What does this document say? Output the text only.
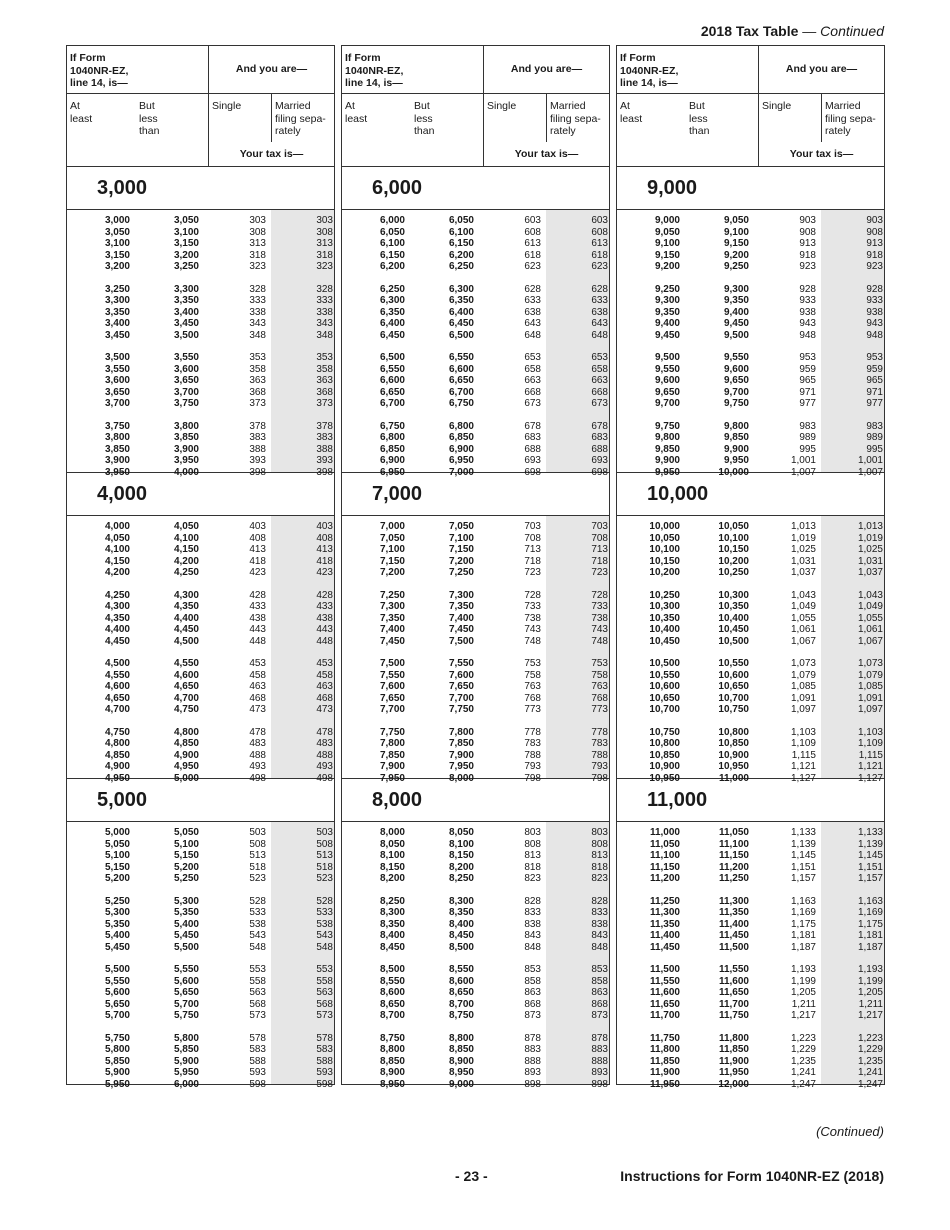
2018 Tax Table — Continued
If Form
1040NR-EZ,
line 14, is—
And you are—
At
least
But
less
than
Single	Married
filing sepa-
rately
Your tax is—
3,000
3,000	3,050	303	303
3,050	3,100	308	308
3,100	3,150	313	313
3,150	3,200	318	318
3,200	3,250	323	323
3,250	3,300	328	328
3,300	3,350	333	333
3,350	3,400	338	338
3,400	3,450	343	343
3,450	3,500	348	348
3,500	3,550	353	353
3,550	3,600	358	358
3,600	3,650	363	363
3,650	3,700	368	368
3,700	3,750	373	373
3,750	3,800	378	378
3,800	3,850	383	383
3,850	3,900	388	388
3,900	3,950	393	393
3,950	4,000	398	398
4,000
4,000	4,050	403	403
4,050	4,100	408	408
4,100	4,150	413	413
4,150	4,200	418	418
4,200	4,250	423	423
4,250	4,300	428	428
4,300	4,350	433	433
4,350	4,400	438	438
4,400	4,450	443	443
4,450	4,500	448	448
4,500	4,550	453	453
4,550	4,600	458	458
4,600	4,650	463	463
4,650	4,700	468	468
4,700	4,750	473	473
4,750	4,800	478	478
4,800	4,850	483	483
4,850	4,900	488	488
4,900	4,950	493	493
4,950	5,000	498	498
5,000
5,000	5,050	503	503
5,050	5,100	508	508
5,100	5,150	513	513
5,150	5,200	518	518
5,200	5,250	523	523
5,250	5,300	528	528
5,300	5,350	533	533
5,350	5,400	538	538
5,400	5,450	543	543
5,450	5,500	548	548
5,500	5,550	553	553
5,550	5,600	558	558
5,600	5,650	563	563
5,650	5,700	568	568
5,700	5,750	573	573
5,750	5,800	578	578
5,800	5,850	583	583
5,850	5,900	588	588
5,900	5,950	593	593
5,950	6,000	598	598
If Form
1040NR-EZ,
line 14, is—
And you are—
At
least
But
less
than
Single	Married
filing sepa-
rately
Your tax is—
6,000
6,000	6,050	603	603
6,050	6,100	608	608
6,100	6,150	613	613
6,150	6,200	618	618
6,200	6,250	623	623
6,250	6,300	628	628
6,300	6,350	633	633
6,350	6,400	638	638
6,400	6,450	643	643
6,450	6,500	648	648
6,500	6,550	653	653
6,550	6,600	658	658
6,600	6,650	663	663
6,650	6,700	668	668
6,700	6,750	673	673
6,750	6,800	678	678
6,800	6,850	683	683
6,850	6,900	688	688
6,900	6,950	693	693
6,950	7,000	698	698
7,000
7,000	7,050	703	703
7,050	7,100	708	708
7,100	7,150	713	713
7,150	7,200	718	718
7,200	7,250	723	723
7,250	7,300	728	728
7,300	7,350	733	733
7,350	7,400	738	738
7,400	7,450	743	743
7,450	7,500	748	748
7,500	7,550	753	753
7,550	7,600	758	758
7,600	7,650	763	763
7,650	7,700	768	768
7,700	7,750	773	773
7,750	7,800	778	778
7,800	7,850	783	783
7,850	7,900	788	788
7,900	7,950	793	793
7,950	8,000	798	798
8,000
8,000	8,050	803	803
8,050	8,100	808	808
8,100	8,150	813	813
8,150	8,200	818	818
8,200	8,250	823	823
8,250	8,300	828	828
8,300	8,350	833	833
8,350	8,400	838	838
8,400	8,450	843	843
8,450	8,500	848	848
8,500	8,550	853	853
8,550	8,600	858	858
8,600	8,650	863	863
8,650	8,700	868	868
8,700	8,750	873	873
8,750	8,800	878	878
8,800	8,850	883	883
8,850	8,900	888	888
8,900	8,950	893	893
8,950	9,000	898	898
If Form
1040NR-EZ,
line 14, is—
And you are—
At
least
But
less
than
Single	Married
filing sepa-
rately
Your tax is—
9,000
9,000	9,050	903	903
9,050	9,100	908	908
9,100	9,150	913	913
9,150	9,200	918	918
9,200	9,250	923	923
9,250	9,300	928	928
9,300	9,350	933	933
9,350	9,400	938	938
9,400	9,450	943	943
9,450	9,500	948	948
9,500	9,550	953	953
9,550	9,600	959	959
9,600	9,650	965	965
9,650	9,700	971	971
9,700	9,750	977	977
9,750	9,800	983	983
9,800	9,850	989	989
9,850	9,900	995	995
9,900	9,950	1,001	1,001
9,950	10,000	1,007	1,007
10,000
10,000	10,050	1,013	1,013
10,050	10,100	1,019	1,019
10,100	10,150	1,025	1,025
10,150	10,200	1,031	1,031
10,200	10,250	1,037	1,037
10,250	10,300	1,043	1,043
10,300	10,350	1,049	1,049
10,350	10,400	1,055	1,055
10,400	10,450	1,061	1,061
10,450	10,500	1,067	1,067
10,500	10,550	1,073	1,073
10,550	10,600	1,079	1,079
10,600	10,650	1,085	1,085
10,650	10,700	1,091	1,091
10,700	10,750	1,097	1,097
10,750	10,800	1,103	1,103
10,800	10,850	1,109	1,109
10,850	10,900	1,115	1,115
10,900	10,950	1,121	1,121
10,950	11,000	1,127	1,127
11,000
11,000	11,050	1,133	1,133
11,050	11,100	1,139	1,139
11,100	11,150	1,145	1,145
11,150	11,200	1,151	1,151
11,200	11,250	1,157	1,157
11,250	11,300	1,163	1,163
11,300	11,350	1,169	1,169
11,350	11,400	1,175	1,175
11,400	11,450	1,181	1,181
11,450	11,500	1,187	1,187
11,500	11,550	1,193	1,193
11,550	11,600	1,199	1,199
11,600	11,650	1,205	1,205
11,650	11,700	1,211	1,211
11,700	11,750	1,217	1,217
11,750	11,800	1,223	1,223
11,800	11,850	1,229	1,229
11,850	11,900	1,235	1,235
11,900	11,950	1,241	1,241
11,950	12,000	1,247	1,247
(Continued)
- 23 -	Instructions for Form 1040NR-EZ (2018)
